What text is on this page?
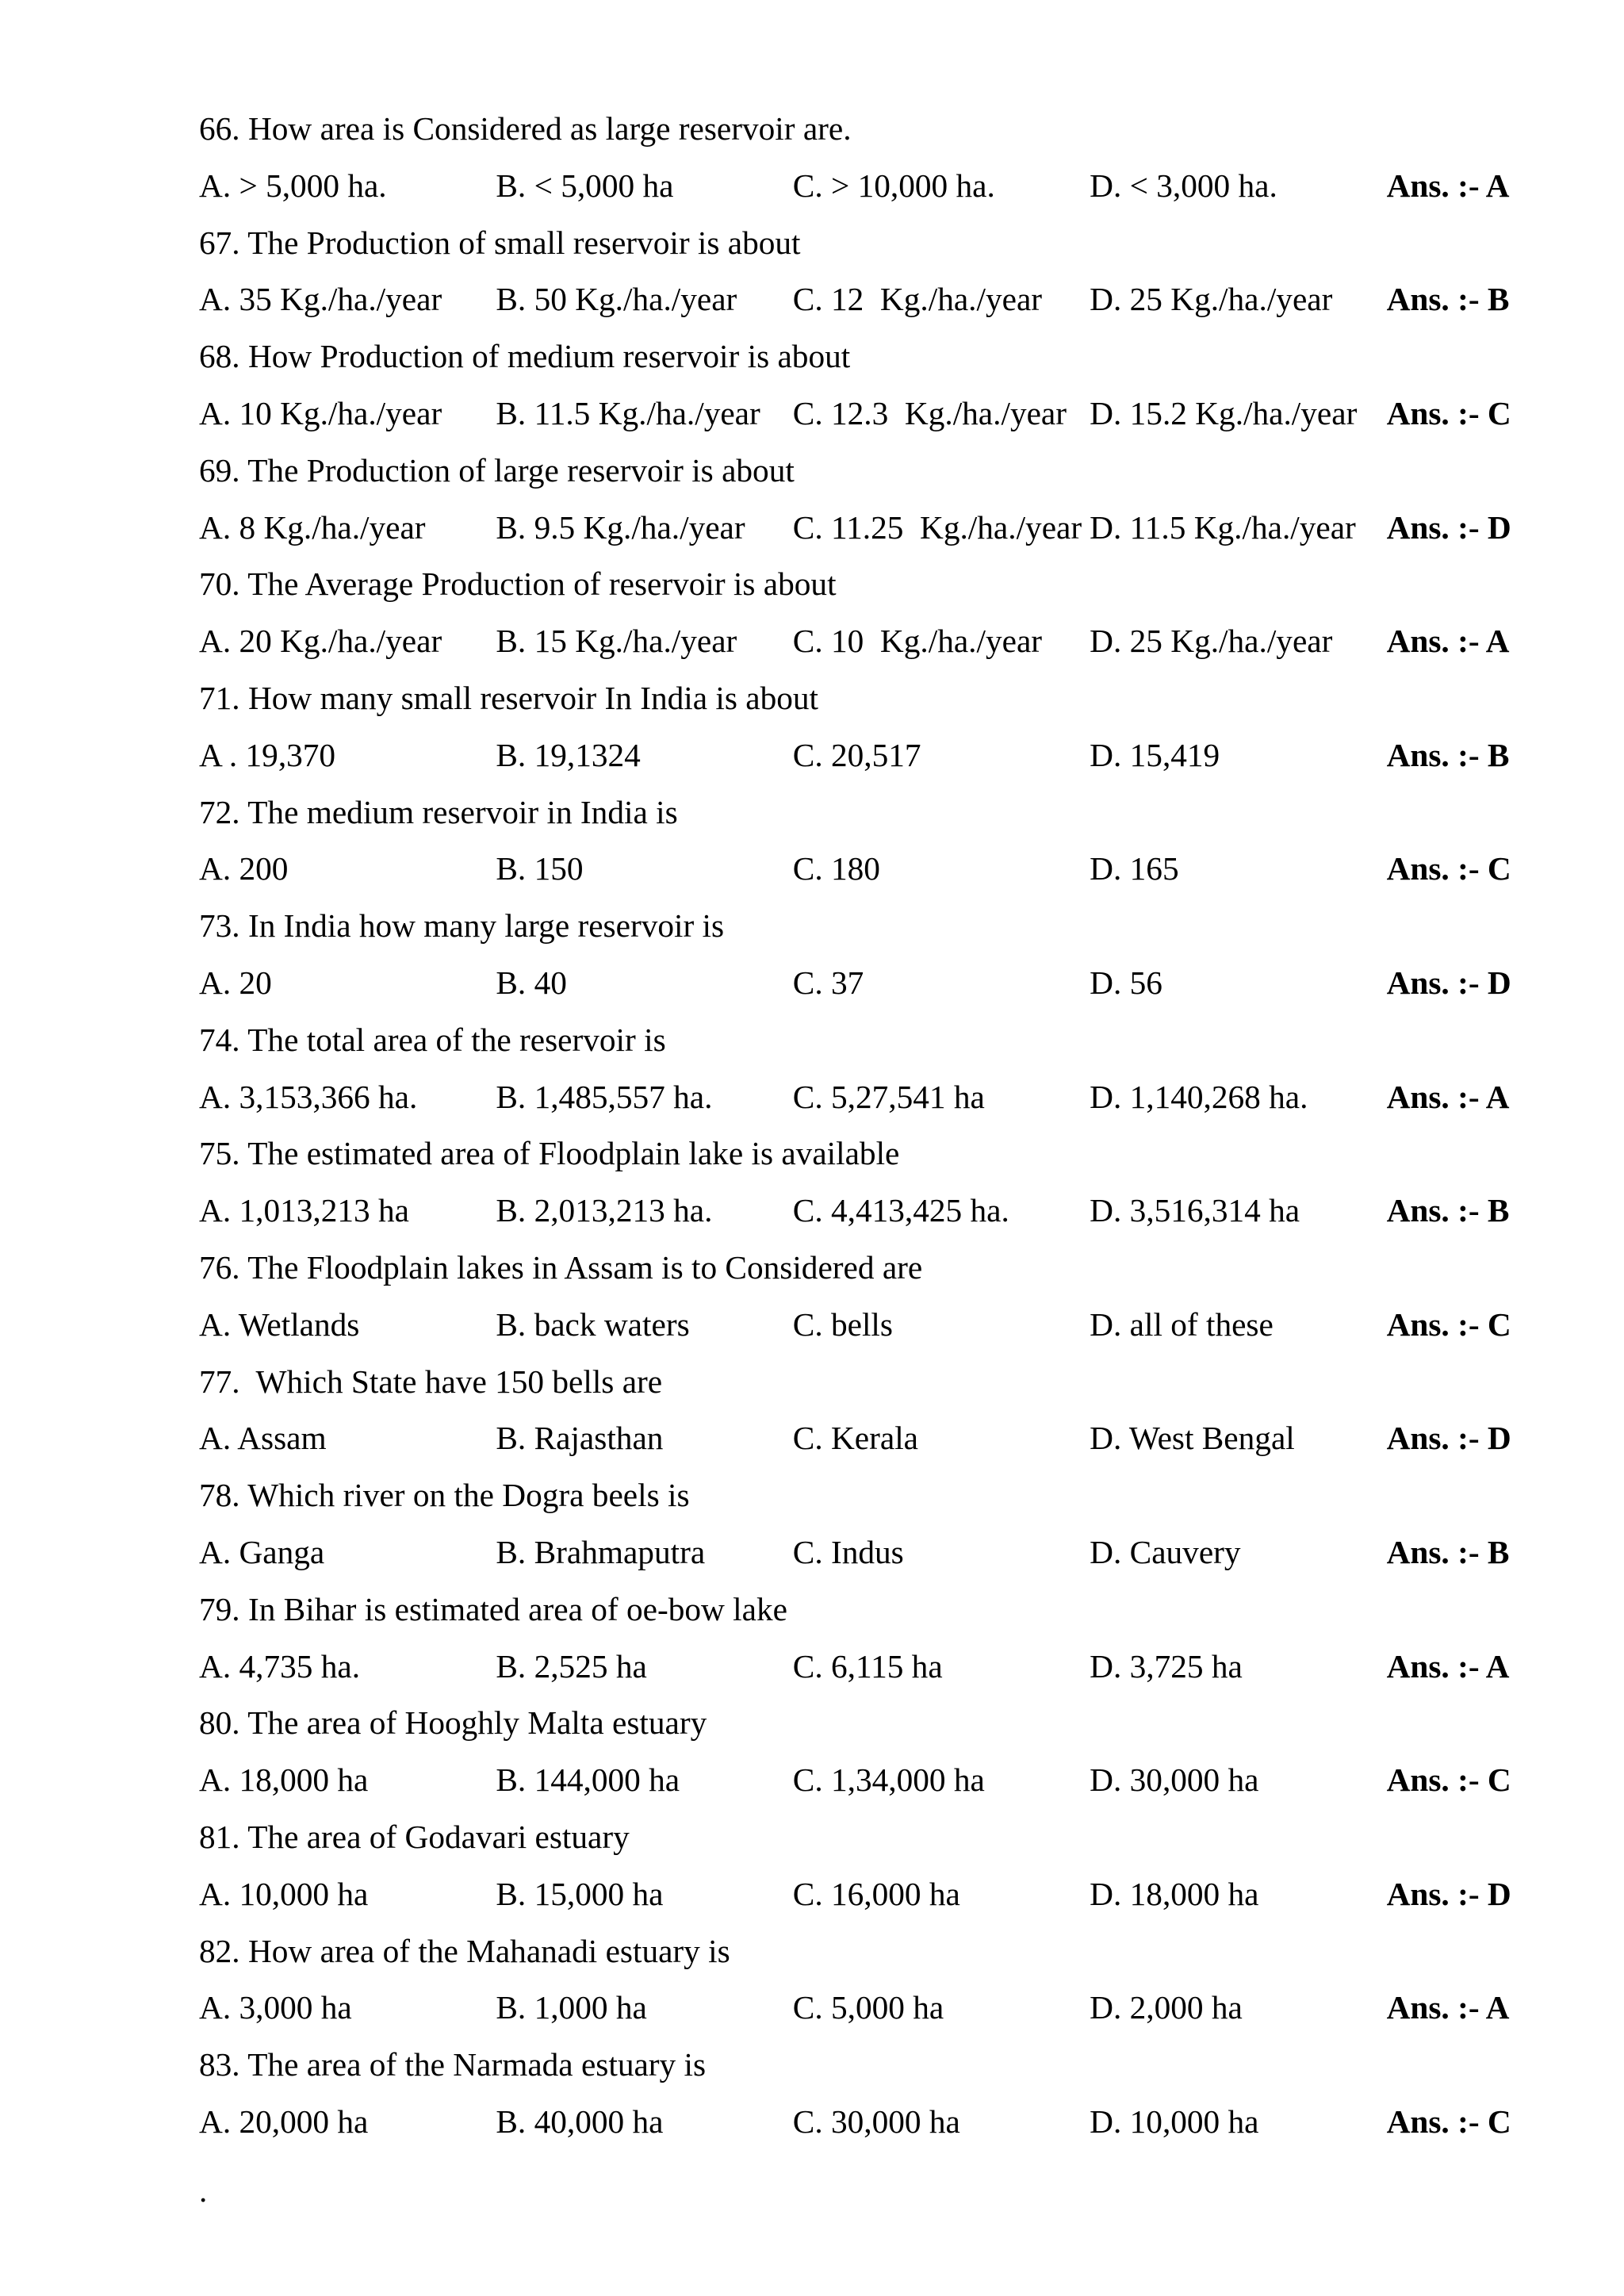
66. How area is Considered as large reservoir are.
A. > 5,000 ha.	B. < 5,000 ha	C. > 10,000 ha.	D. < 3,000 ha.	Ans. :- A
67. The Production of small reservoir is about
A. 35 Kg./ha./year	B. 50 Kg./ha./year	C. 12  Kg./ha./year	D. 25 Kg./ha./year	Ans. :- B
68. How Production of medium reservoir is about
A. 10 Kg./ha./year	B. 11.5 Kg./ha./year C. 12.3  Kg./ha./year D. 15.2 Kg./ha./year Ans. :- C
69. The Production of large reservoir is about
A. 8 Kg./ha./year	B. 9.5 Kg./ha./year	C. 11.25  Kg./ha./year D. 11.5 Kg./ha./year Ans. :- D
70. The Average Production of reservoir is about
A. 20 Kg./ha./year	B. 15 Kg./ha./year	C. 10  Kg./ha./year	D. 25 Kg./ha./year	Ans. :- A
71. How many small reservoir In India is about
A . 19,370	B. 19,1324	C. 20,517	D. 15,419	Ans. :- B
72. The medium reservoir in India is
A. 200	B. 150	C. 180	D. 165	Ans. :- C
73. In India how many large reservoir is
A. 20	B. 40	C. 37	D. 56	Ans. :- D
74. The total area of the reservoir is
A. 3,153,366 ha.	B. 1,485,557 ha.	C. 5,27,541 ha	D. 1,140,268 ha.	Ans. :- A
75. The estimated area of Floodplain lake is available
A. 1,013,213 ha	B. 2,013,213 ha.	C. 4,413,425 ha.	D. 3,516,314 ha	Ans. :- B
76. The Floodplain lakes in Assam is to Considered are
A. Wetlands	B. back waters	C. bells	D. all of these	Ans. :- C
77.  Which State have 150 bells are
A. Assam	B. Rajasthan	C. Kerala	D. West Bengal	Ans. :- D
78. Which river on the Dogra beels is
A. Ganga	B. Brahmaputra	C. Indus	D. Cauvery	Ans. :- B
79. In Bihar is estimated area of oe-bow lake
A. 4,735 ha.	B. 2,525 ha	C. 6,115 ha	D. 3,725 ha	Ans. :- A
80. The area of Hooghly Malta estuary
A. 18,000 ha	B. 144,000 ha	C. 1,34,000 ha	D. 30,000 ha	Ans. :- C
81. The area of Godavari estuary
A. 10,000 ha	B. 15,000 ha	C. 16,000 ha	D. 18,000 ha	Ans. :- D
82. How area of the Mahanadi estuary is
A. 3,000 ha	B. 1,000 ha	C. 5,000 ha	D. 2,000 ha	Ans. :- A
83. The area of the Narmada estuary is
A. 20,000 ha	B. 40,000 ha	C. 30,000 ha	D. 10,000 ha	Ans. :- C
.
